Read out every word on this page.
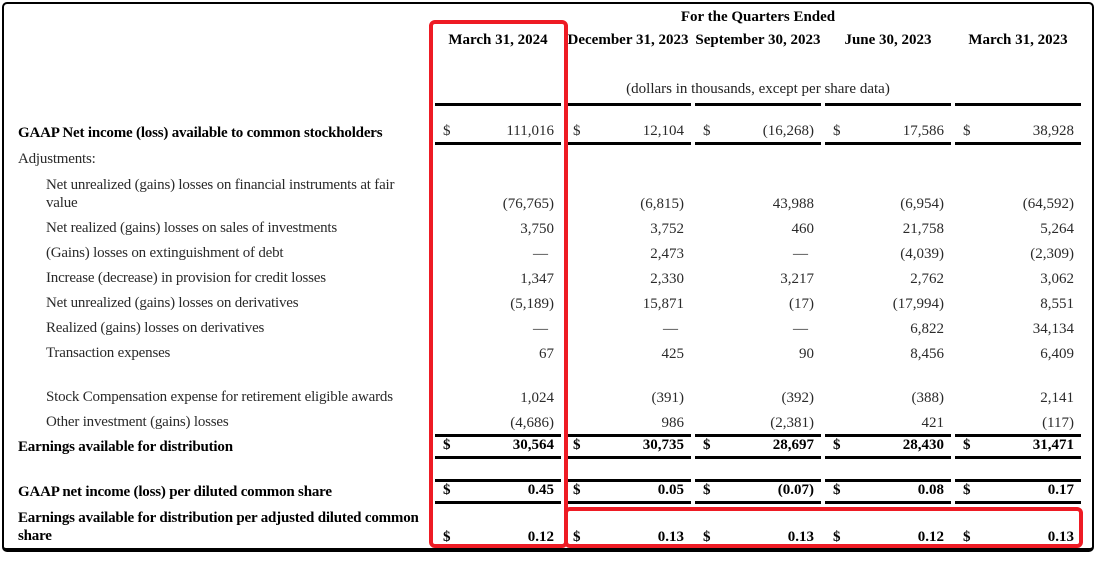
For the Quarters Ended
March 31, 2024	December 31, 2023 September 30, 2023	June 30, 2023	March 31, 2023
(dollars in thousands, except per share data)
GAAP Net income (loss) available to common stockholders	$	111,016 $	12,104 $	(16,268) $	17,586 $	38,928
Adjustments:
Net unrealized (gains) losses on financial instruments at fair value	(76,765)	(6,815)	43,988	(6,954)	(64,592)
Net realized (gains) losses on sales of investments	3,750	3,752	460	21,758	5,264
(Gains) losses on extinguishment of debt	—	2,473	—	(4,039)	(2,309)
Increase (decrease) in provision for credit losses	1,347	2,330	3,217	2,762	3,062
Net unrealized (gains) losses on derivatives	(5,189)	15,871	(17)	(17,994)	8,551
Realized (gains) losses on derivatives	—	—	—	6,822	34,134
Transaction expenses	67	425	90	8,456	6,409
Stock Compensation expense for retirement eligible awards	1,024	(391)	(392)	(388)	2,141
Other investment (gains) losses	(4,686)	986	(2,381)	421	(117)
Earnings available for distribution	$	30,564 $	30,735 $	28,697 $	28,430 $	31,471
GAAP net income (loss) per diluted common share	$	0.45 $	0.05 $	(0.07) $	0.08 $	0.17
Earnings available for distribution per adjusted diluted common share	$	0.12 $	0.13 $	0.13 $	0.12 $	0.13
